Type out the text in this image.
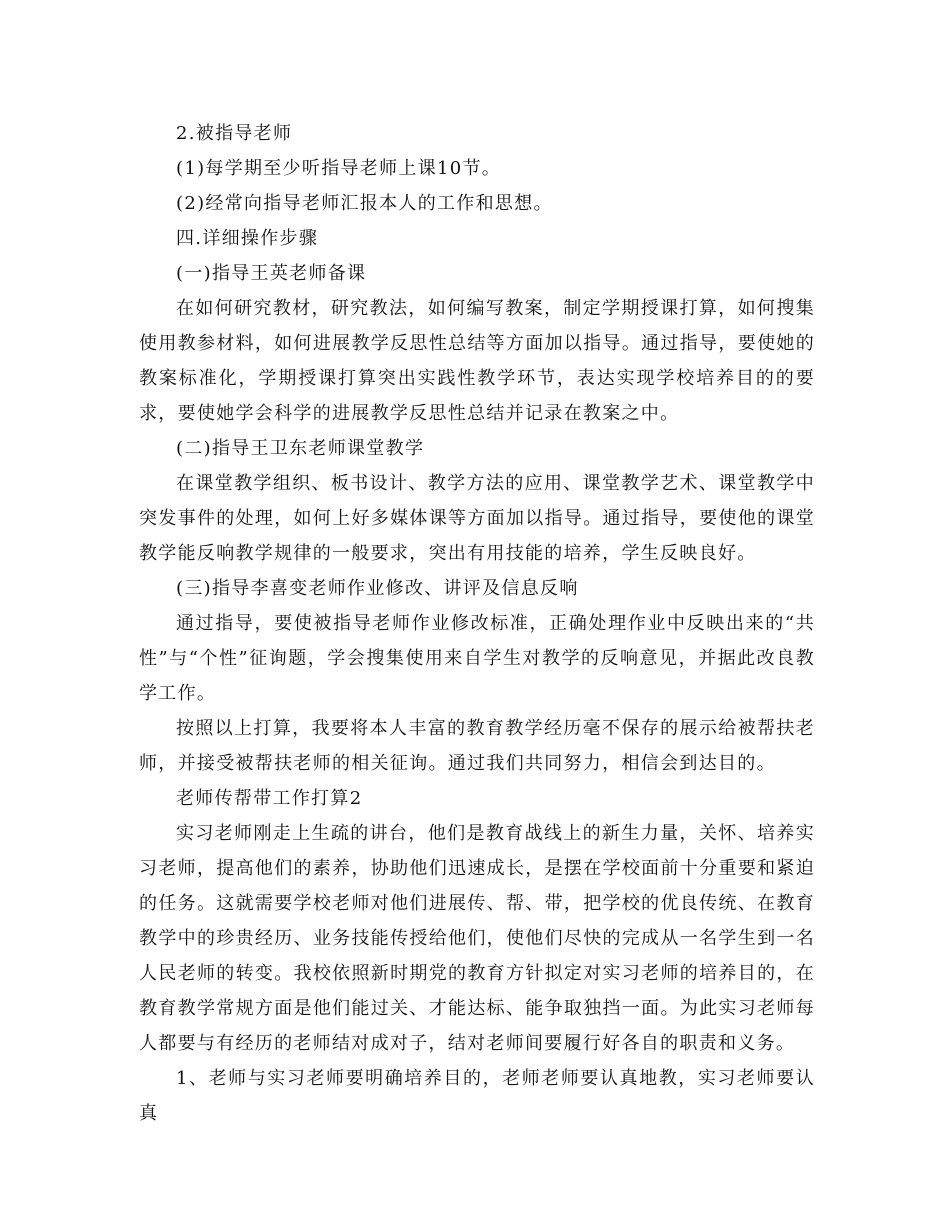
2.被指导老师

(1)每学期至少听指导老师上课10节。

(2)经常向指导老师汇报本人的工作和思想。

四.详细操作步骤

(一)指导王英老师备课

在如何研究教材，研究教法，如何编写教案，制定学期授课打算，如何搜集使用教参材料，如何进展教学反思性总结等方面加以指导。通过指导，要使她的教案标准化，学期授课打算突出实践性教学环节，表达实现学校培养目的的要求，要使她学会科学的进展教学反思性总结并记录在教案之中。

(二)指导王卫东老师课堂教学

在课堂教学组织、板书设计、教学方法的应用、课堂教学艺术、课堂教学中突发事件的处理，如何上好多媒体课等方面加以指导。通过指导，要使他的课堂教学能反响教学规律的一般要求，突出有用技能的培养，学生反映良好。

(三)指导李喜变老师作业修改、讲评及信息反响

通过指导，要使被指导老师作业修改标准，正确处理作业中反映出来的“共性”与“个性”征询题，学会搜集使用来自学生对教学的反响意见，并据此改良教学工作。

按照以上打算，我要将本人丰富的教育教学经历毫不保存的展示给被帮扶老师，并接受被帮扶老师的相关征询。通过我们共同努力，相信会到达目的。

老师传帮带工作打算2

实习老师刚走上生疏的讲台，他们是教育战线上的新生力量，关怀、培养实习老师，提高他们的素养，协助他们迅速成长，是摆在学校面前十分重要和紧迫的任务。这就需要学校老师对他们进展传、帮、带，把学校的优良传统、在教育教学中的珍贵经历、业务技能传授给他们，使他们尽快的完成从一名学生到一名人民老师的转变。我校依照新时期党的教育方针拟定对实习老师的培养目的，在教育教学常规方面是他们能过关、才能达标、能争取独挡一面。为此实习老师每人都要与有经历的老师结对成对子，结对老师间要履行好各自的职责和义务。

1、老师与实习老师要明确培养目的，老师老师要认真地教，实习老师要认真
